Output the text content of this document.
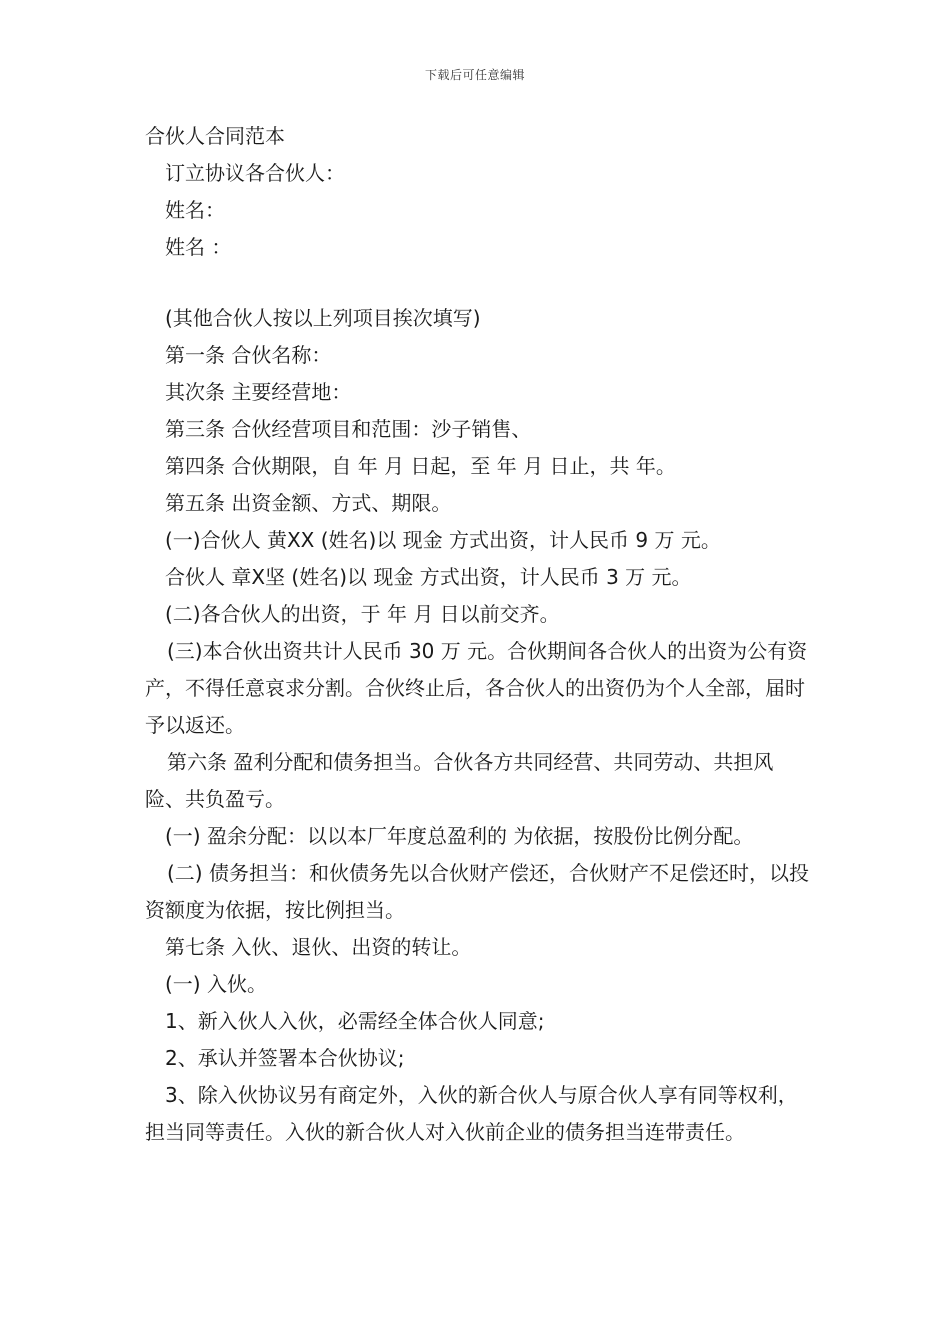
下载后可任意编辑

合伙人合同范本

订立协议各合伙人：

姓名：

姓名 ：

(其他合伙人按以上列项目挨次填写)

第一条 合伙名称：

其次条 主要经营地：

第三条 合伙经营项目和范围：沙子销售、

第四条 合伙期限，自 年 月 日起，至 年 月 日止，共 年。

第五条 出资金额、方式、期限。

(一)合伙人 黄XX (姓名)以 现金 方式出资，计人民币 9 万 元。

合伙人 章X坚 (姓名)以 现金 方式出资，计人民币 3 万 元。

(二)各合伙人的出资，于 年 月 日以前交齐。

(三)本合伙出资共计人民币 30 万 元。合伙期间各合伙人的出资为公有资产，不得任意哀求分割。合伙终止后，各合伙人的出资仍为个人全部，届时予以返还。

第六条 盈利分配和债务担当。合伙各方共同经营、共同劳动、共担风险、共负盈亏。

(一) 盈余分配：以以本厂年度总盈利的 为依据，按股份比例分配。

(二) 债务担当：和伙债务先以合伙财产偿还，合伙财产不足偿还时，以投资额度为依据，按比例担当。

第七条 入伙、退伙、出资的转让。

(一) 入伙。

1、新入伙人入伙，必需经全体合伙人同意;

2、承认并签署本合伙协议;

3、除入伙协议另有商定外，入伙的新合伙人与原合伙人享有同等权利，担当同等责任。入伙的新合伙人对入伙前企业的债务担当连带责任。
